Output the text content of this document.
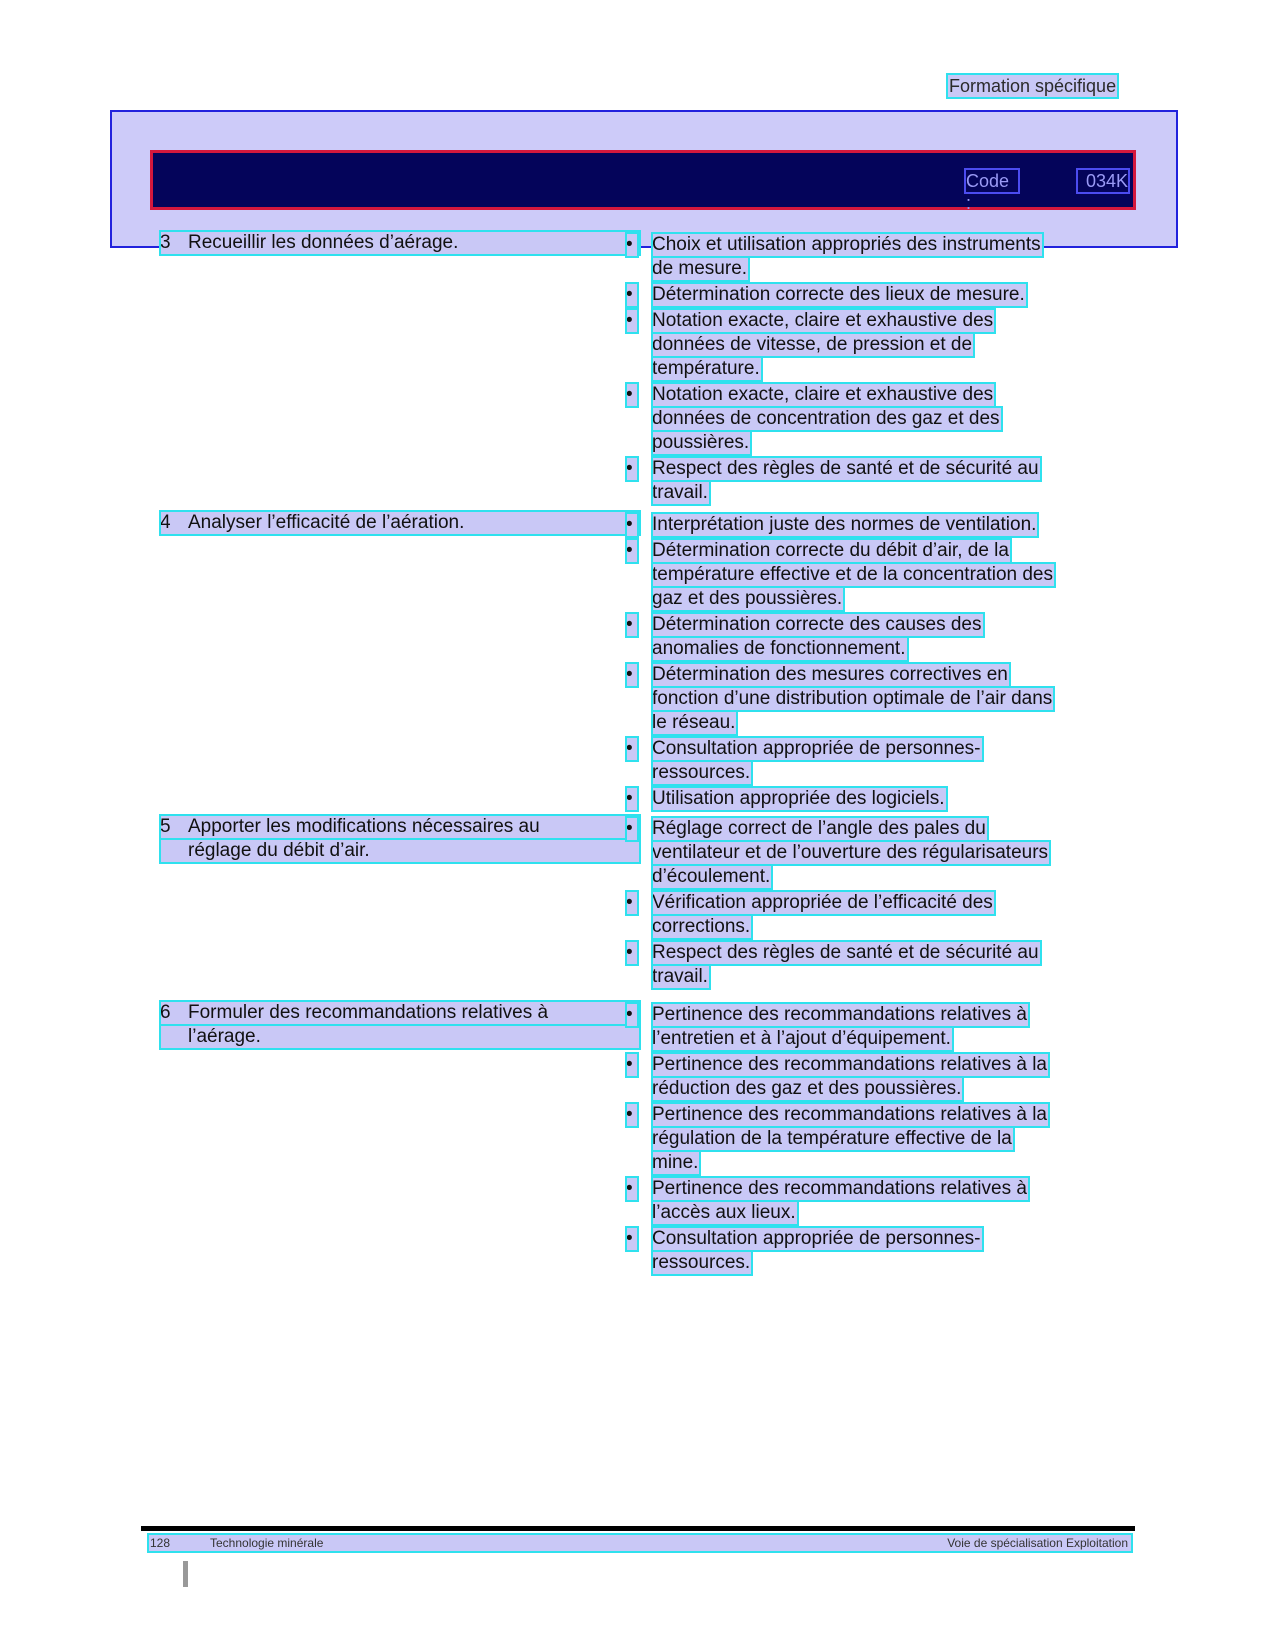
Formation spécifique
Code :
034K
3 Recueillir les données d’aérage.	• Choix et utilisation appropriés des instruments
de mesure.
• Détermination correcte des lieux de mesure.
• Notation exacte, claire et exhaustive des
données de vitesse, de pression et de
température.
• Notation exacte, claire et exhaustive des
données de concentration des gaz et des
poussières.
• Respect des règles de santé et de sécurité au
travail.
4 Analyser l’efficacité de l’aération.	• Interprétation juste des normes de ventilation.
• Détermination correcte du débit d’air, de la
température effective et de la concentration des
gaz et des poussières.
• Détermination correcte des causes des
anomalies de fonctionnement.
• Détermination des mesures correctives en
fonction d’une distribution optimale de l’air dans
le réseau.
• Consultation appropriée de personnes-
ressources.
• Utilisation appropriée des logiciels.
5 Apporter les modifications nécessaires au
réglage du débit d’air.
• Réglage correct de l’angle des pales du
ventilateur et de l’ouverture des régularisateurs
d’écoulement.
• Vérification appropriée de l’efficacité des
corrections.
• Respect des règles de santé et de sécurité au
travail.
6 Formuler des recommandations relatives à
l’aérage.
• Pertinence des recommandations relatives à
l’entretien et à l’ajout d’équipement.
• Pertinence des recommandations relatives à la
réduction des gaz et des poussières.
• Pertinence des recommandations relatives à la
régulation de la température effective de la
mine.
• Pertinence des recommandations relatives à
l’accès aux lieux.
• Consultation appropriée de personnes-
ressources.
128	Technologie minérale	Voie de spécialisation Exploitation
